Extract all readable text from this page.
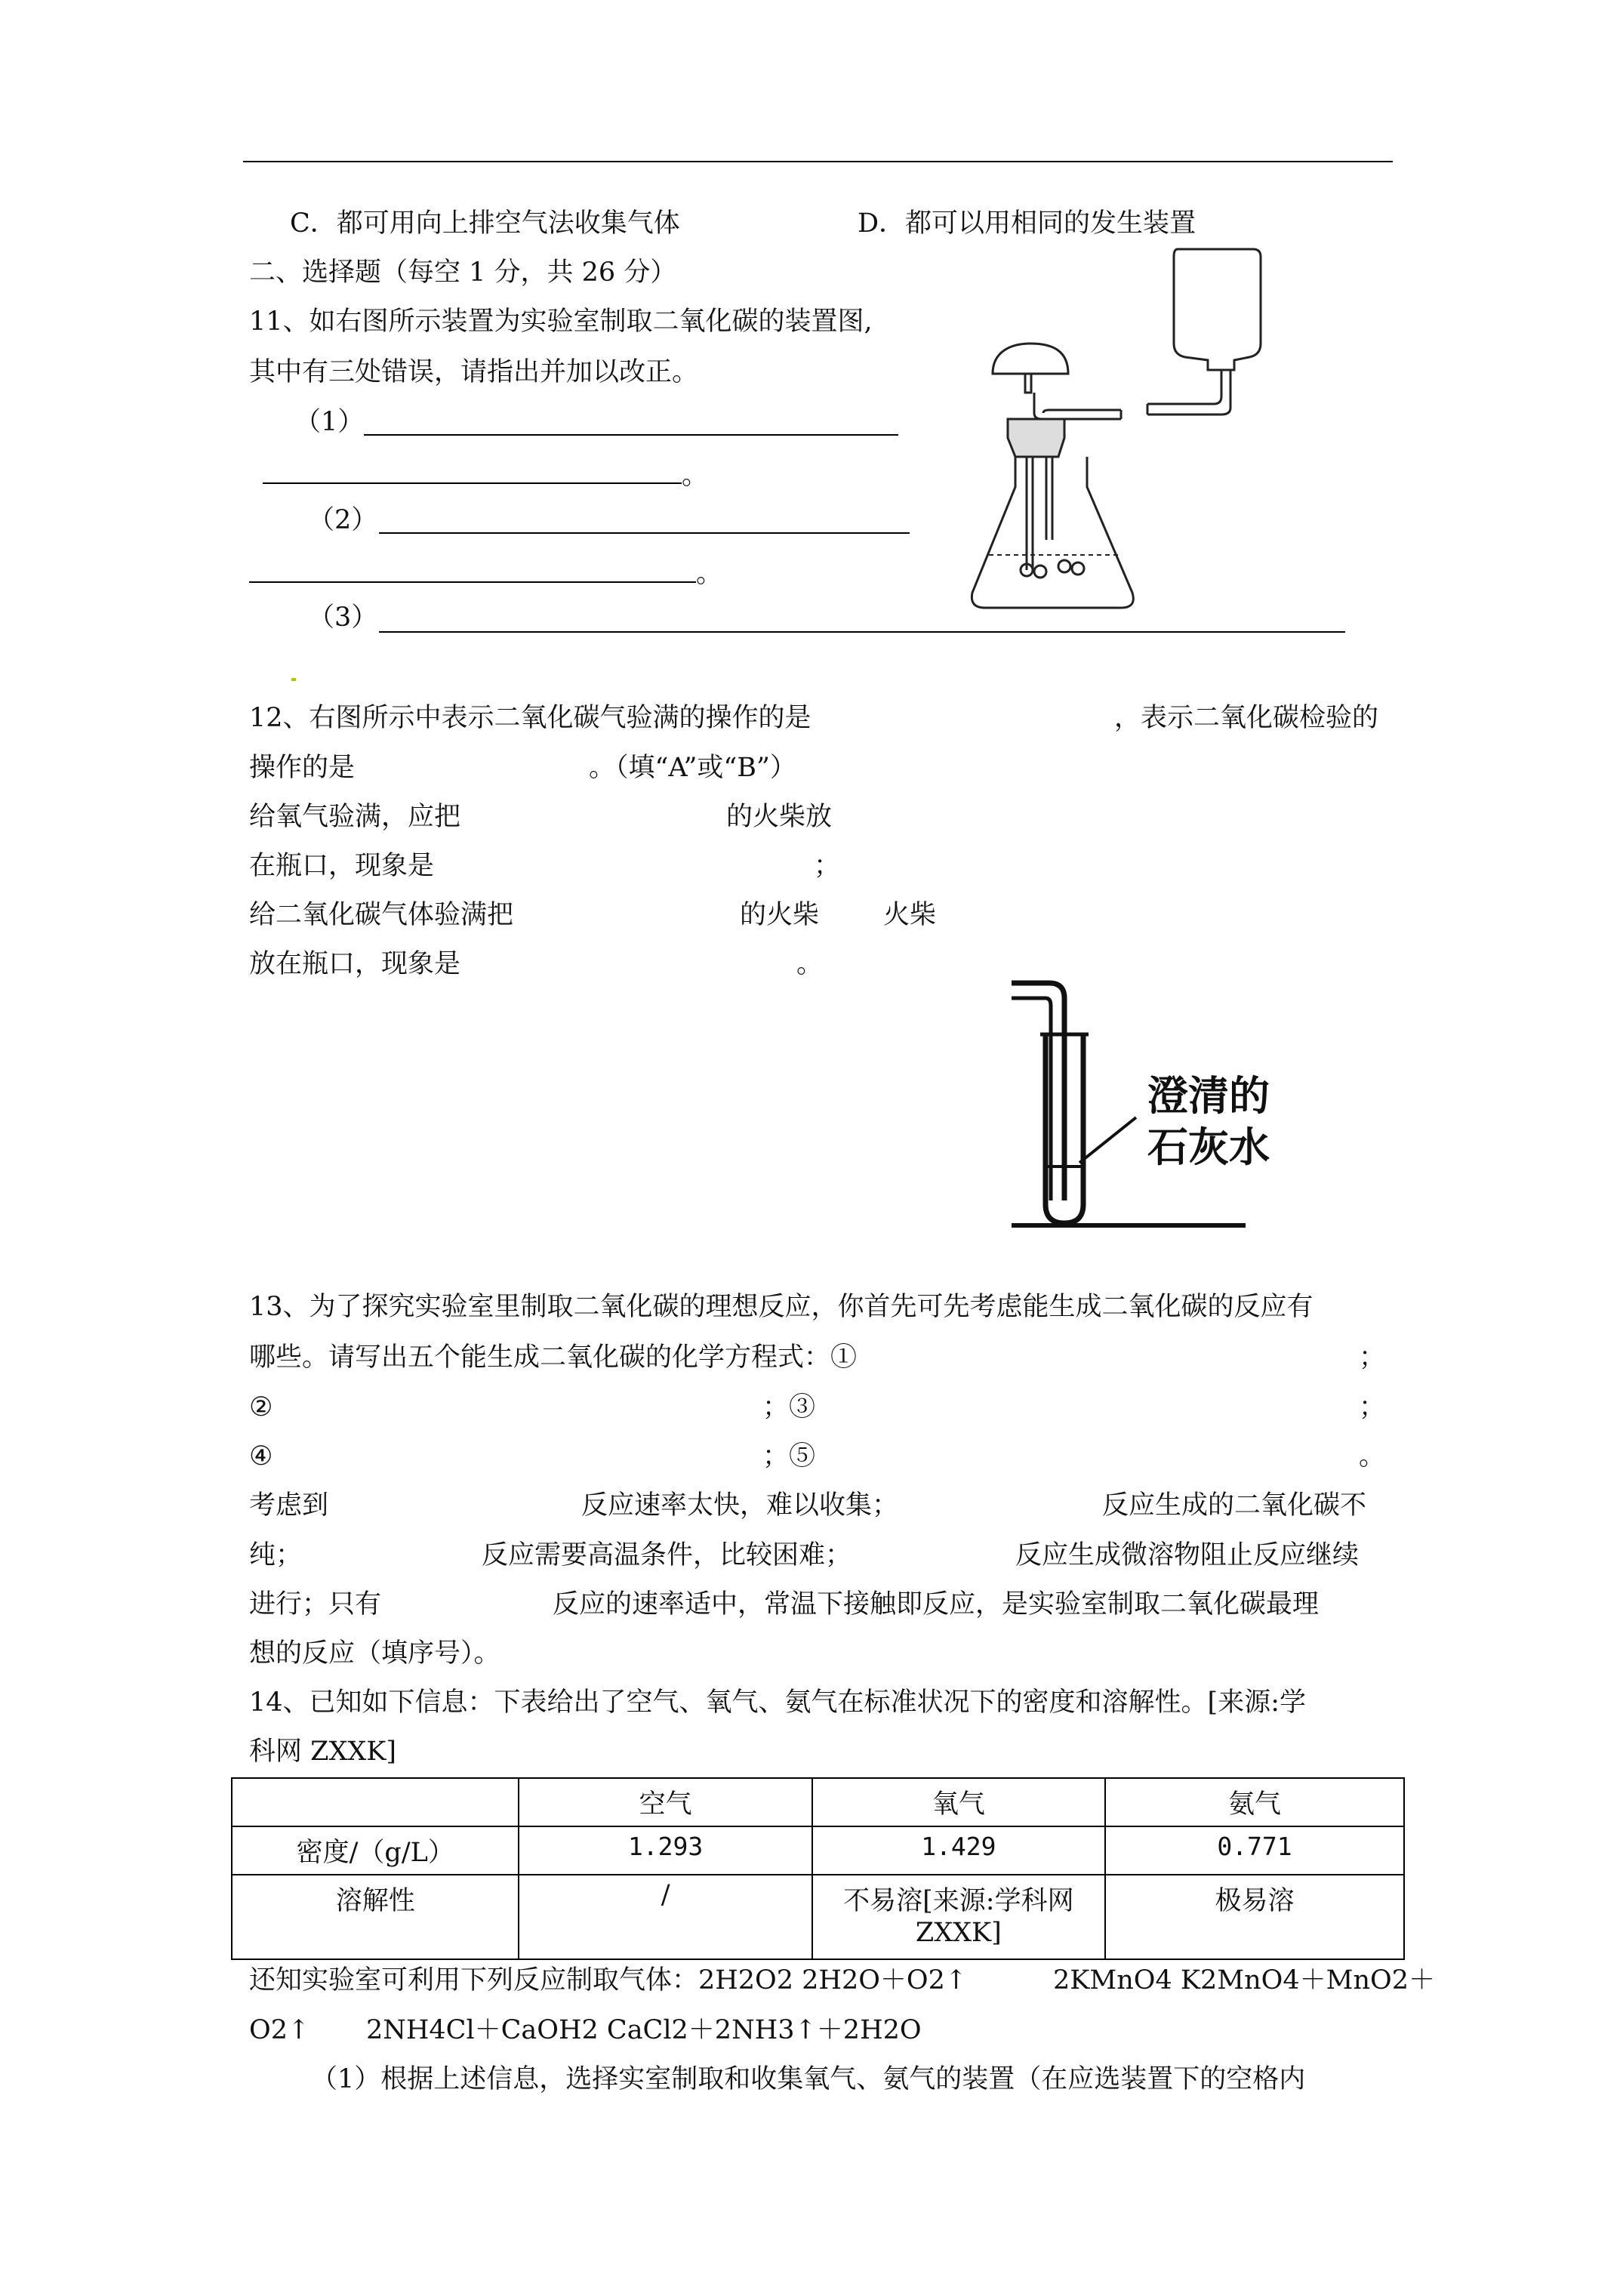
C．都可用向上排空气法收集气体	D．都可以用相同的发生装置
二、选择题（每空 1 分，共 26 分）
11、如右图所示装置为实验室制取二氧化碳的装置图,
其中有三处错误，请指出并加以改正。
（1）
。
（2）
。
（3）
12、右图所示中表示二氧化碳气验满的操作的是	，表示二氧化碳检验的
操作的是	。（填“A”或“B”）
给氧气验满，应把	的火柴放
在瓶口，现象是	；
给二氧化碳气体验满把	的火柴 火柴
放在瓶口，现象是	。
澄清的
石灰水
13、为了探究实验室里制取二氧化碳的理想反应，你首先可先考虑能生成二氧化碳的反应有
哪些。请写出五个能生成二氧化碳的化学方程式：①	；
②	；③	；
④	；⑤	。
考虑到	反应速率太快，难以收集；	反应生成的二氧化碳不
纯；	反应需要高温条件，比较困难；	反应生成微溶物阻止反应继续
进行；只有	反应的速率适中，常温下接触即反应，是实验室制取二氧化碳最理
想的反应（填序号）。
14、已知如下信息：下表给出了空气、氧气、氨气在标准状况下的密度和溶解性。[来源:学
科网 ZXXK]
	空气	氧气	氨气
密度/（g/L）	1.293	1.429	0.771
溶解性	/	不易溶[来源:学科网
ZXXK]	极易溶
还知实验室可利用下列反应制取气体：2H2O2 2H2O＋O2↑	2KMnO4 K2MnO4＋MnO2＋
O2↑ 2NH4Cl＋CaOH2 CaCl2＋2NH3↑＋2H2O
（1）根据上述信息，选择实室制取和收集氧气、氨气的装置（在应选装置下的空格内
